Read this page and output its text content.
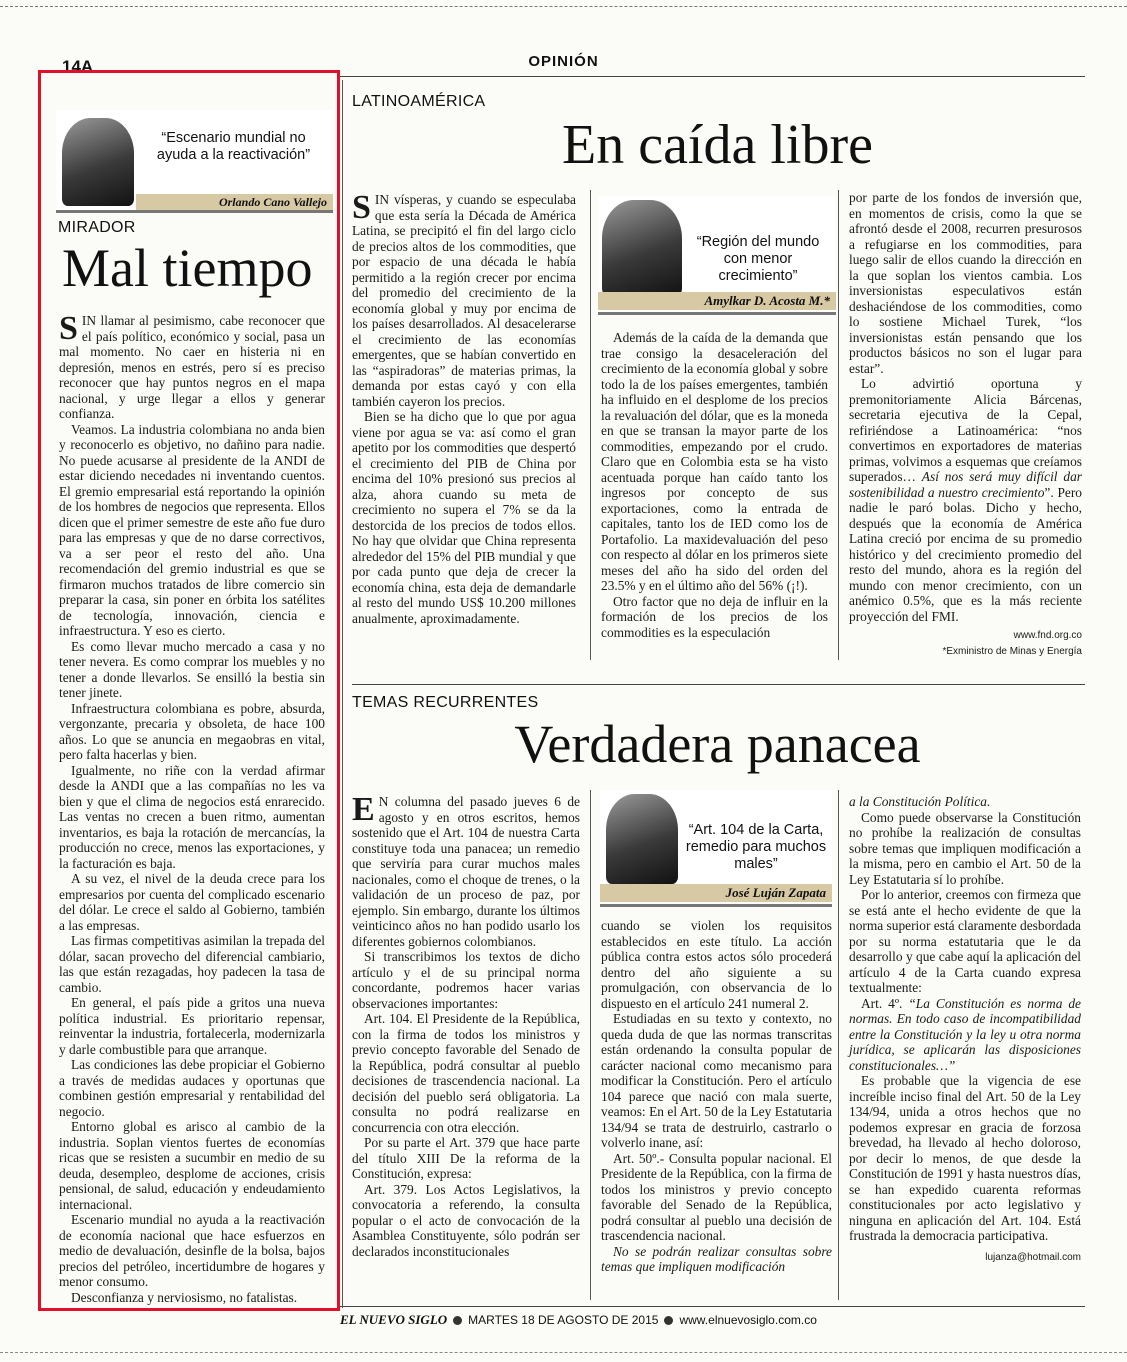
14A	OPINIÓN
“Escenario mundial no ayuda a la reactivación”
Orlando Cano Vallejo
MIRADOR
Mal tiempo

SIN llamar al pesimismo, cabe reconocer que el país político, económico y social, pasa un mal momento. No caer en histeria ni en depresión, menos en estrés, pero sí es preciso reconocer que hay puntos negros en el mapa nacional, y urge llegar a ellos y generar confianza.

Veamos. La industria colombiana no anda bien y reconocerlo es objetivo, no dañino para nadie. No puede acusarse al presidente de la ANDI de estar diciendo necedades ni inventando cuentos. El gremio empresarial está reportando la opinión de los hombres de negocios que representa. Ellos dicen que el primer semestre de este año fue duro para las empresas y que de no darse correctivos, va a ser peor el resto del año. Una recomendación del gremio industrial es que se firmaron muchos tratados de libre comercio sin preparar la casa, sin poner en órbita los satélites de tecnología, innovación, ciencia e infraestructura. Y eso es cierto.

Es como llevar mucho mercado a casa y no tener nevera. Es como comprar los muebles y no tener a donde llevarlos. Se ensilló la bestia sin tener jinete.

Infraestructura colombiana es pobre, absurda, vergonzante, precaria y obsoleta, de hace 100 años. Lo que se anuncia en megaobras en vital, pero falta hacerlas y bien.

Igualmente, no riñe con la verdad afirmar desde la ANDI que a las compañías no les va bien y que el clima de negocios está enrarecido. Las ventas no crecen a buen ritmo, aumentan inventarios, es baja la rotación de mercancías, la producción no crece, menos las exportaciones, y la facturación es baja.

A su vez, el nivel de la deuda crece para los empresarios por cuenta del complicado escenario del dólar. Le crece el saldo al Gobierno, también a las empresas.

Las firmas competitivas asimilan la trepada del dólar, sacan provecho del diferencial cambiario, las que están rezagadas, hoy padecen la tasa de cambio.

En general, el país pide a gritos una nueva política industrial. Es prioritario repensar, reinventar la industria, fortalecerla, modernizarla y darle combustible para que arranque.

Las condiciones las debe propiciar el Gobierno a través de medidas audaces y oportunas que combinen gestión empresarial y rentabilidad del negocio.

Entorno global es arisco al cambio de la industria. Soplan vientos fuertes de economías ricas que se resisten a sucumbir en medio de su deuda, desempleo, desplome de acciones, crisis pensional, de salud, educación y endeudamiento internacional.

Escenario mundial no ayuda a la reactivación de economía nacional que hace esfuerzos en medio de devaluación, desinfle de la bolsa, bajos precios del petróleo, incertidumbre de hogares y menor consumo.

Desconfianza y nerviosismo, no fatalistas.

LATINOAMÉRICA
En caída libre

SIN vísperas, y cuando se especulaba que esta sería la Década de América Latina, se precipitó el fin del largo ciclo de precios altos de los commodities, que por espacio de una década le había permitido a la región crecer por encima del promedio del crecimiento de la economía global y muy por encima de los países desarrollados. Al desacelerarse el crecimiento de las economías emergentes, que se habían convertido en las “aspiradoras” de materias primas, la demanda por estas cayó y con ella también cayeron los precios.

Bien se ha dicho que lo que por agua viene por agua se va: así como el gran apetito por los commodities que despertó el crecimiento del PIB de China por encima del 10% presionó sus precios al alza, ahora cuando su meta de crecimiento no supera el 7% se da la destorcida de los precios de todos ellos. No hay que olvidar que China representa alrededor del 15% del PIB mundial y que por cada punto que deja de crecer la economía china, esta deja de demandarle al resto del mundo US$ 10.200 millones anualmente, aproximadamente.

“Región del mundo con menor crecimiento”
Amylkar D. Acosta M.*

Además de la caída de la demanda que trae consigo la desaceleración del crecimiento de la economía global y sobre todo la de los países emergentes, también ha influido en el desplome de los precios la revaluación del dólar, que es la moneda en que se transan la mayor parte de los commodities, empezando por el crudo. Claro que en Colombia esta se ha visto acentuada porque han caído tanto los ingresos por concepto de sus exportaciones, como la entrada de capitales, tanto los de IED como los de Portafolio. La maxidevaluación del peso con respecto al dólar en los primeros siete meses del año ha sido del orden del 23.5% y en el último año del 56% (¡!).

Otro factor que no deja de influir en la formación de los precios de los commodities es la especulación

por parte de los fondos de inversión que, en momentos de crisis, como la que se afrontó desde el 2008, recurren presurosos a refugiarse en los commodities, para luego salir de ellos cuando la dirección en la que soplan los vientos cambia. Los inversionistas especulativos están deshaciéndose de los commodities, como lo sostiene Michael Turek, “los inversionistas están pensando que los productos básicos no son el lugar para estar”.

Lo advirtió oportuna y premonitoriamente Alicia Bárcenas, secretaria ejecutiva de la Cepal, refiriéndose a Latinoamérica: “nos convertimos en exportadores de materias primas, volvimos a esquemas que creíamos superados… Así nos será muy difícil dar sostenibilidad a nuestro crecimiento”. Pero nadie le paró bolas. Dicho y hecho, después que la economía de América Latina creció por encima de su promedio histórico y del crecimiento promedio del resto del mundo, ahora es la región del mundo con menor crecimiento, con un anémico 0.5%, que es la más reciente proyección del FMI.

www.fnd.org.co

*Exministro de Minas y Energía

TEMAS RECURRENTES
Verdadera panacea

E N columna del pasado jueves 6 de agosto y en otros escritos, hemos sostenido que el Art. 104 de nuestra Carta constituye toda una panacea; un remedio que serviría para curar muchos males nacionales, como el choque de trenes, o la validación de un proceso de paz, por ejemplo. Sin embargo, durante los últimos veinticinco años no han podido usarlo los diferentes gobiernos colombianos.

Si transcribimos los textos de dicho artículo y el de su principal norma concordante, podremos hacer varias observaciones importantes:

Art. 104. El Presidente de la República, con la firma de todos los ministros y previo concepto favorable del Senado de la República, podrá consultar al pueblo decisiones de trascendencia nacional. La decisión del pueblo será obligatoria. La consulta no podrá realizarse en concurrencia con otra elección.

Por su parte el Art. 379 que hace parte del título XIII De la reforma de la Constitución, expresa:

Art. 379. Los Actos Legislativos, la convocatoria a referendo, la consulta popular o el acto de convocación de la Asamblea Constituyente, sólo podrán ser declarados inconstitucionales

“Art. 104 de la Carta, remedio para muchos males”
José Luján Zapata

cuando se violen los requisitos establecidos en este título. La acción pública contra estos actos sólo procederá dentro del año siguiente a su promulgación, con observancia de lo dispuesto en el artículo 241 numeral 2.

Estudiadas en su texto y contexto, no queda duda de que las normas transcritas están ordenando la consulta popular de carácter nacional como mecanismo para modificar la Constitución. Pero el artículo 104 parece que nació con mala suerte, veamos: En el Art. 50 de la Ley Estatutaria 134/94 se trata de destruirlo, castrarlo o volverlo inane, así:

Art. 50º.- Consulta popular nacional. El Presidente de la República, con la firma de todos los ministros y previo concepto favorable del Senado de la República, podrá consultar al pueblo una decisión de trascendencia nacional.

No se podrán realizar consultas sobre temas que impliquen modificación

a la Constitución Política.

Como puede observarse la Constitución no prohíbe la realización de consultas sobre temas que impliquen modificación a la misma, pero en cambio el Art. 50 de la Ley Estatutaria sí lo prohíbe.

Por lo anterior, creemos con firmeza que se está ante el hecho evidente de que la norma superior está claramente desbordada por su norma estatutaria que le da desarrollo y que cabe aquí la aplicación del artículo 4 de la Carta cuando expresa textualmente:

Art. 4º. “La Constitución es norma de normas. En todo caso de incompatibilidad entre la Constitución y la ley u otra norma jurídica, se aplicarán las disposiciones constitucionales…”

Es probable que la vigencia de ese increíble inciso final del Art. 50 de la Ley 134/94, unida a otros hechos que no podemos expresar en gracia de forzosa brevedad, ha llevado al hecho doloroso, por decir lo menos, de que desde la Constitución de 1991 y hasta nuestros días, se han expedido cuarenta reformas constitucionales por acto legislativo y ninguna en aplicación del Art. 104. Está frustrada la democracia participativa.

lujanza@hotmail.com

EL NUEVO SIGLO MARTES 18 DE AGOSTO DE 2015 www.elnuevosiglo.com.co
